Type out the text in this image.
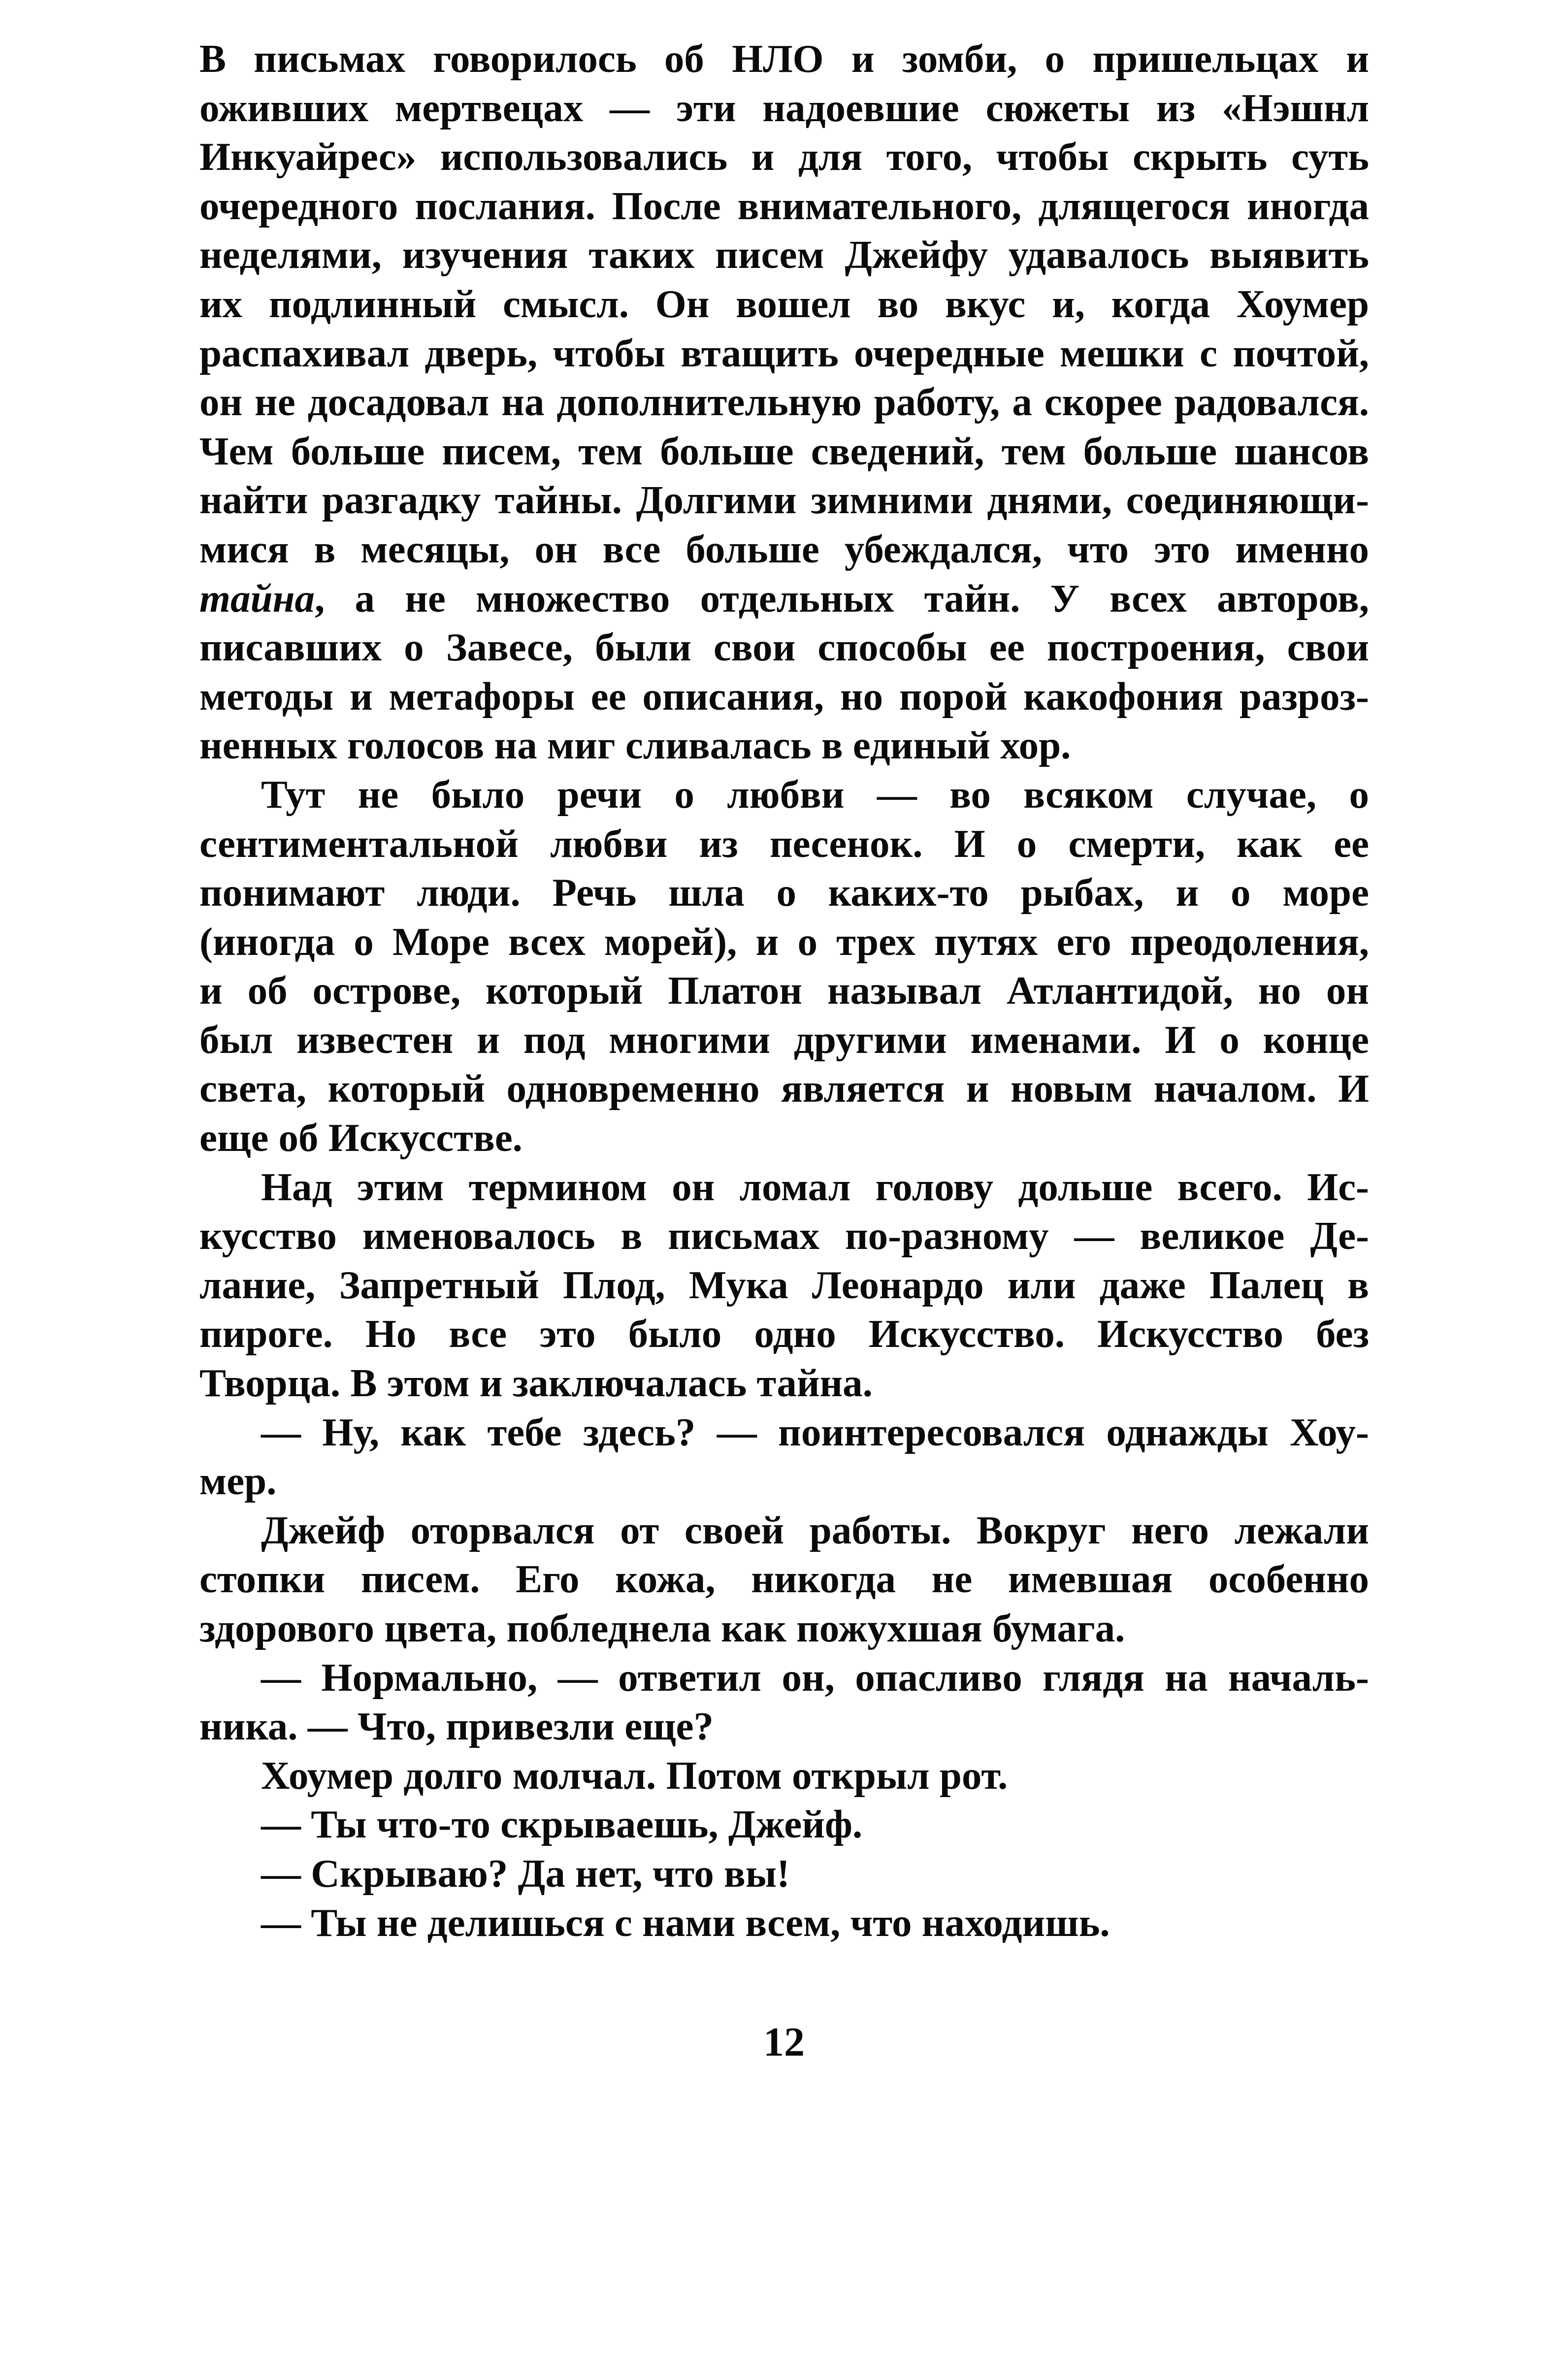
В письмах говорилось об НЛО и зомби, о пришельцах и
оживших мертвецах — эти надоевшие сюжеты из «Нэшнл
Инкуайрес» использовались и для того, чтобы скрыть суть
очередного послания. После внимательного, длящегося иногда
неделями, изучения таких писем Джейфу удавалось выявить
их подлинный смысл. Он вошел во вкус и, когда Хоумер
распахивал дверь, чтобы втащить очередные мешки с почтой,
он не досадовал на дополнительную работу, а скорее радовался.
Чем больше писем, тем больше сведений, тем больше шансов
найти разгадку тайны. Долгими зимними днями, соединяющи-
мися в месяцы, он все больше убеждался, что это именно
тайна, а не множество отдельных тайн. У всех авторов,
писавших о Завесе, были свои способы ее построения, свои
методы и метафоры ее описания, но порой какофония разроз-
ненных голосов на миг сливалась в единый хор.
Тут не было речи о любви — во всяком случае, о
сентиментальной любви из песенок. И о смерти, как ее
понимают люди. Речь шла о каких-то рыбах, и о море
(иногда о Море всех морей), и о трех путях его преодоления,
и об острове, который Платон называл Атлантидой, но он
был известен и под многими другими именами. И о конце
света, который одновременно является и новым началом. И
еще об Искусстве.
Над этим термином он ломал голову дольше всего. Ис-
кусство именовалось в письмах по-разному — великое Де-
лание, Запретный Плод, Мука Леонардо или даже Палец в
пироге. Но все это было одно Искусство. Искусство без
Творца. В этом и заключалась тайна.
— Ну, как тебе здесь? — поинтересовался однажды Хоу-
мер.
Джейф оторвался от своей работы. Вокруг него лежали
стопки писем. Его кожа, никогда не имевшая особенно
здорового цвета, побледнела как пожухшая бумага.
— Нормально, — ответил он, опасливо глядя на началь-
ника. — Что, привезли еще?
Хоумер долго молчал. Потом открыл рот.
— Ты что-то скрываешь, Джейф.
— Скрываю? Да нет, что вы!
— Ты не делишься с нами всем, что находишь.
12
